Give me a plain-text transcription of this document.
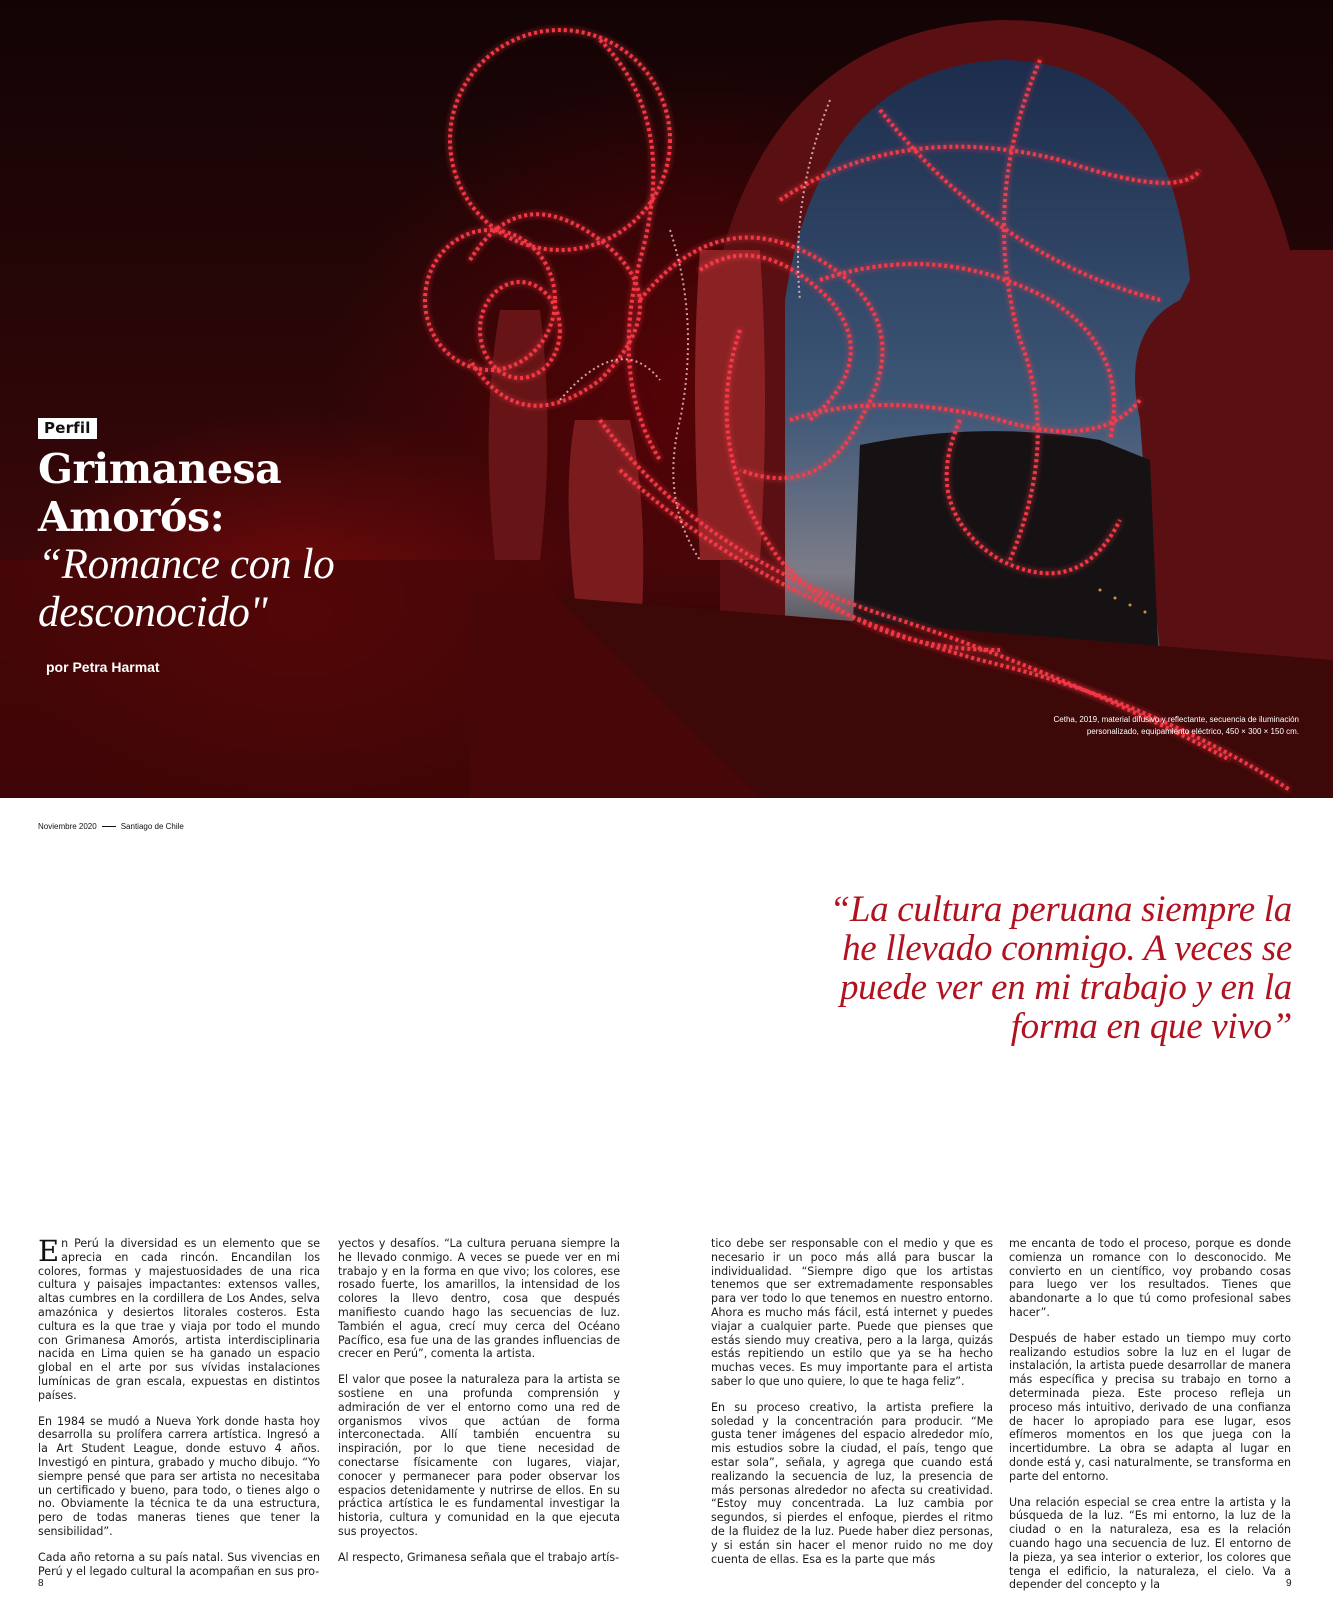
Perfil
Grimanesa
Amorós:
“Romance con lo
desconocido"
por Petra Harmat
Cetha, 2019, material difusivo y reflectante, secuencia de iluminación
personalizado, equipamiento eléctrico, 450 × 300 × 150 cm.
Noviembre 2020	Santiago de Chile
“La cultura peruana siempre la he llevado conmigo. A veces se puede ver en mi trabajo y en la forma en que vivo”

En Perú la diversidad es un elemento que se aprecia en cada rincón. Encandilan los colores, formas y majestuosidades de una rica cultura y paisajes impactantes: extensos valles, altas cumbres en la cordillera de Los Andes, selva amazónica y desiertos litorales costeros. Esta cultura es la que trae y viaja por todo el mundo con Grimanesa Amorós, artista interdisciplinaria nacida en Lima quien se ha ganado un espacio global en el arte por sus vívidas instalaciones lumínicas de gran escala, expuestas en distintos países.

En 1984 se mudó a Nueva York donde hasta hoy desarrolla su prolífera carrera artística. Ingresó a la Art Student League, donde estuvo 4 años. Investigó en pintura, grabado y mucho dibujo. “Yo siempre pensé que para ser artista no necesitaba un certificado y bueno, para todo, o tienes algo o no. Obviamente la técnica te da una estructura, pero de todas maneras tienes que tener la sensibilidad”.

Cada año retorna a su país natal. Sus vivencias en Perú y el legado cultural la acompañan en sus pro-

yectos y desafíos. “La cultura peruana siempre la he llevado conmigo. A veces se puede ver en mi trabajo y en la forma en que vivo; los colores, ese rosado fuerte, los amarillos, la intensidad de los colores la llevo dentro, cosa que después manifiesto cuando hago las secuencias de luz. También el agua, crecí muy cerca del Océano Pacífico, esa fue una de las grandes influencias de crecer en Perú”, comenta la artista.

El valor que posee la naturaleza para la artista se sostiene en una profunda comprensión y admiración de ver el entorno como una red de organismos vivos que actúan de forma interconectada. Allí también encuentra su inspiración, por lo que tiene necesidad de conectarse físicamente con lugares, viajar, conocer y permanecer para poder observar los espacios detenidamente y nutrirse de ellos. En su práctica artística le es fundamental investigar la historia, cultura y comunidad en la que ejecuta sus proyectos.

Al respecto, Grimanesa señala que el trabajo artís-

tico debe ser responsable con el medio y que es necesario ir un poco más allá para buscar la individualidad. “Siempre digo que los artistas tenemos que ser extremadamente responsables para ver todo lo que tenemos en nuestro entorno. Ahora es mucho más fácil, está internet y puedes viajar a cualquier parte. Puede que pienses que estás siendo muy creativa, pero a la larga, quizás estás repitiendo un estilo que ya se ha hecho muchas veces. Es muy importante para el artista saber lo que uno quiere, lo que te haga feliz”.

En su proceso creativo, la artista prefiere la soledad y la concentración para producir. “Me gusta tener imágenes del espacio alrededor mío, mis estudios sobre la ciudad, el país, tengo que estar sola”, señala, y agrega que cuando está realizando la secuencia de luz, la presencia de más personas alrededor no afecta su creatividad. “Estoy muy concentrada. La luz cambia por segundos, si pierdes el enfoque, pierdes el ritmo de la fluidez de la luz. Puede haber diez personas, y si están sin hacer el menor ruido no me doy cuenta de ellas. Esa es la parte que más

me encanta de todo el proceso, porque es donde comienza un romance con lo desconocido. Me convierto en un científico, voy probando cosas para luego ver los resultados. Tienes que abandonarte a lo que tú como profesional sabes hacer”.

Después de haber estado un tiempo muy corto realizando estudios sobre la luz en el lugar de instalación, la artista puede desarrollar de manera más específica y precisa su trabajo en torno a determinada pieza. Este proceso refleja un proceso más intuitivo, derivado de una confianza de hacer lo apropiado para ese lugar, esos efímeros momentos en los que juega con la incertidumbre. La obra se adapta al lugar en donde está y, casi naturalmente, se transforma en parte del entorno.

Una relación especial se crea entre la artista y la búsqueda de la luz. “Es mi entorno, la luz de la ciudad o en la naturaleza, esa es la relación cuando hago una secuencia de luz. El entorno de la pieza, ya sea interior o exterior, los colores que tenga el edificio, la naturaleza, el cielo. Va a depender del concepto y la

8	9
